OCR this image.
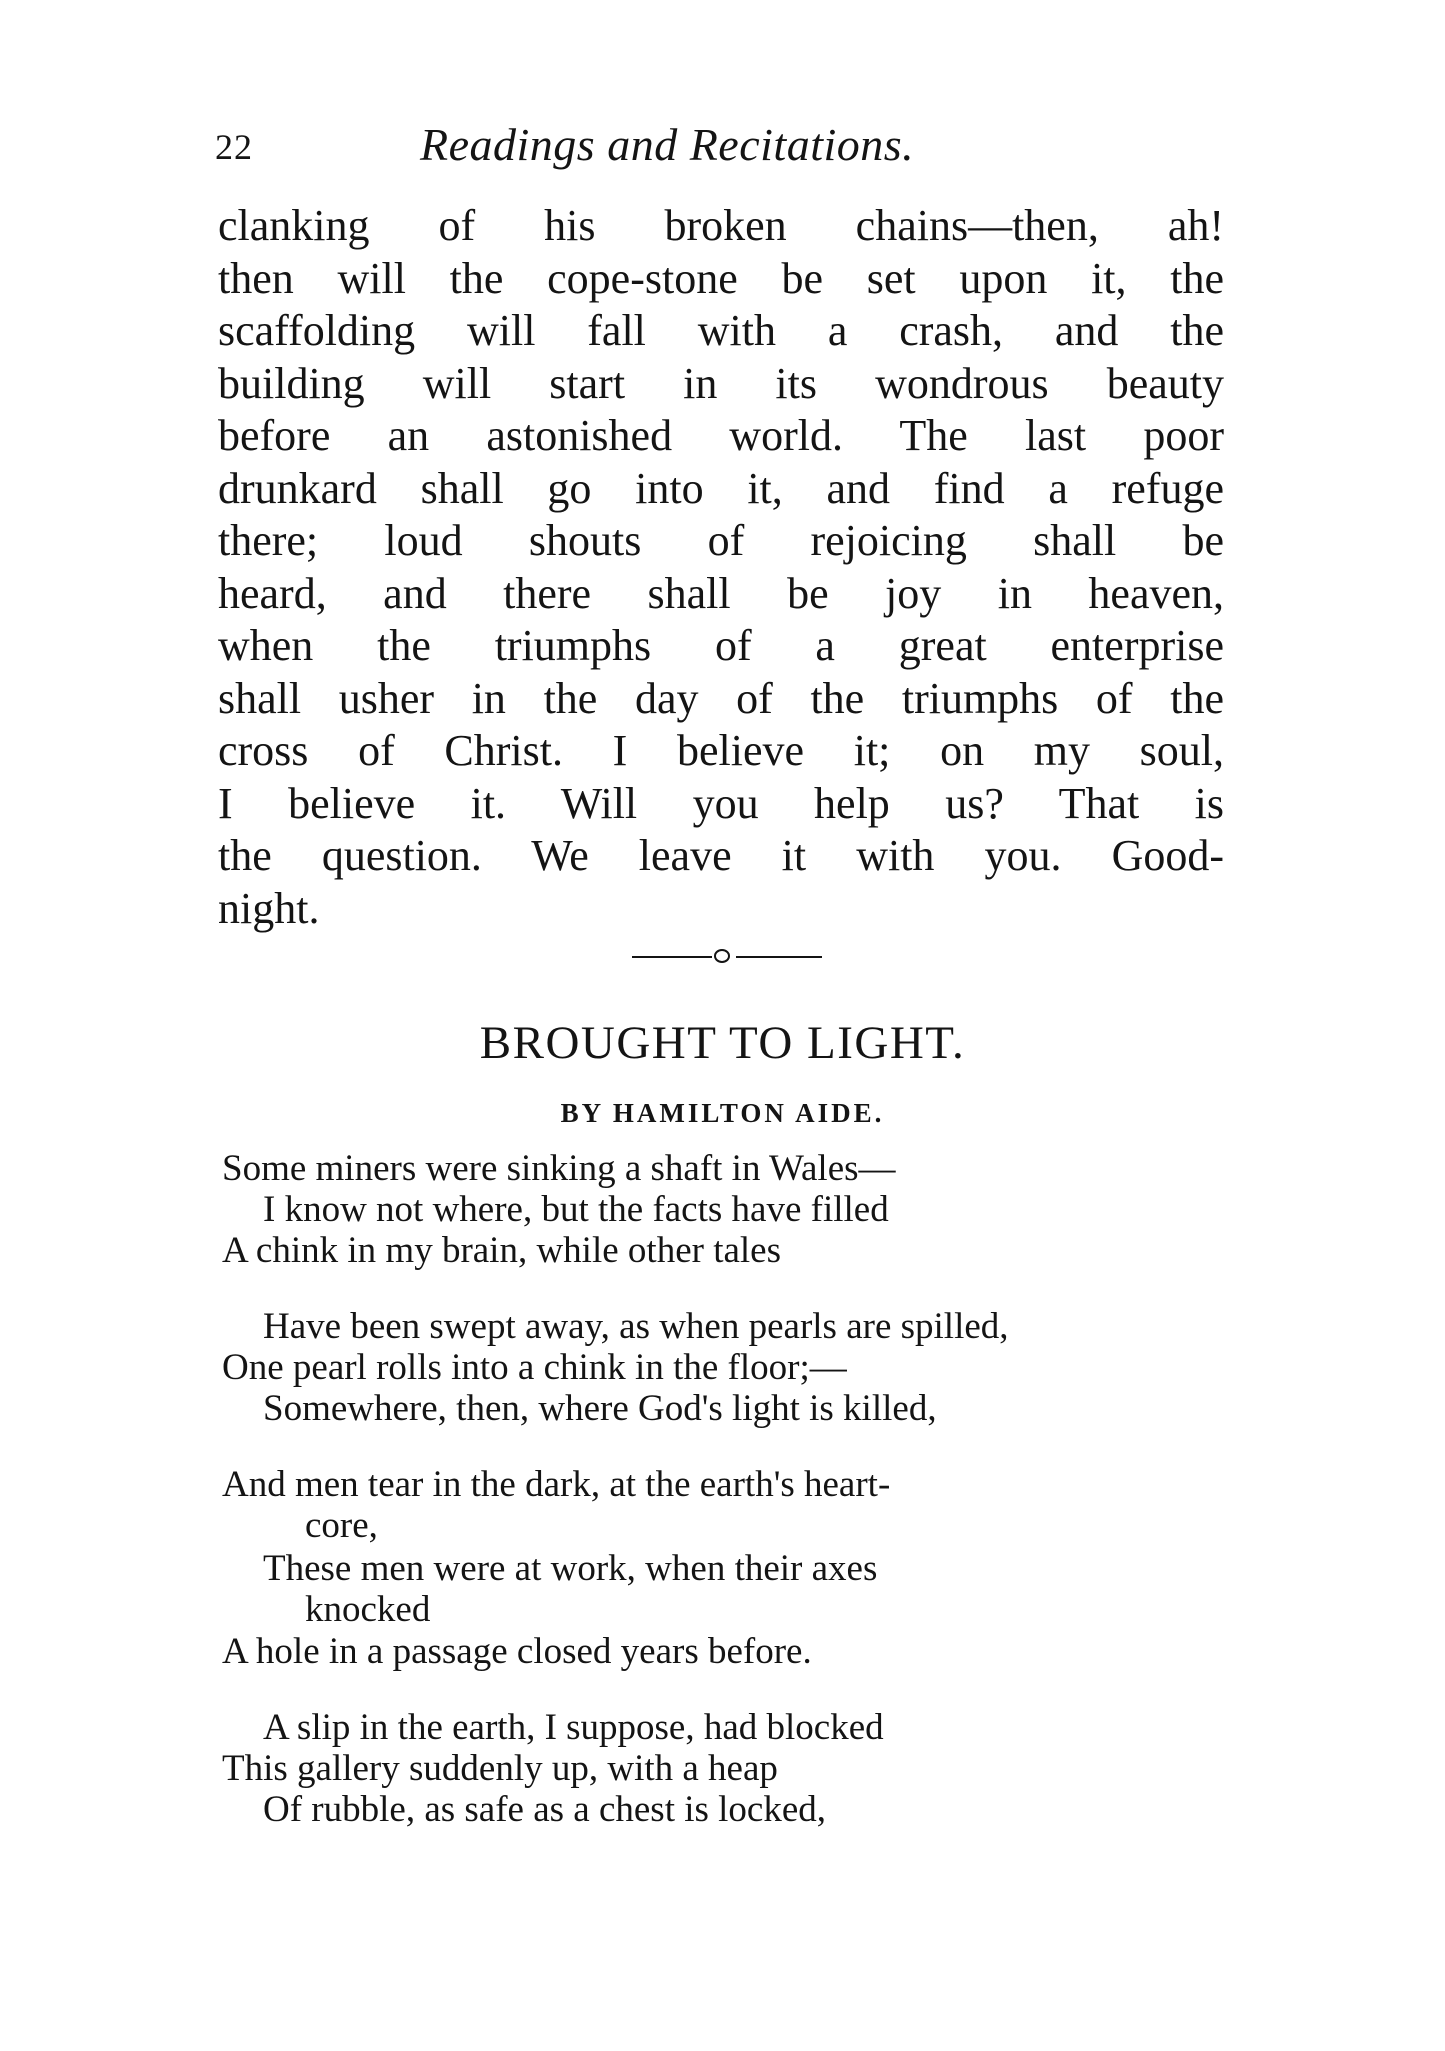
22	Readings and Recitations.
clanking of his broken chains—then, ah!
then will the cope-stone be set upon it, the
scaffolding will fall with a crash, and the
building will start in its wondrous beauty
before an astonished world. The last poor
drunkard shall go into it, and find a refuge
there; loud shouts of rejoicing shall be
heard, and there shall be joy in heaven,
when the triumphs of a great enterprise
shall usher in the day of the triumphs of the
cross of Christ. I believe it; on my soul,
I believe it. Will you help us? That is
the question. We leave it with you. Good-
night.
BROUGHT TO LIGHT.
BY HAMILTON AIDE.
Some miners were sinking a shaft in Wales—
I know not where, but the facts have filled
A chink in my brain, while other tales
Have been swept away, as when pearls are spilled,
One pearl rolls into a chink in the floor;—
Somewhere, then, where God's light is killed,
And men tear in the dark, at the earth's heart-
core,
These men were at work, when their axes
knocked
A hole in a passage closed years before.
A slip in the earth, I suppose, had blocked
This gallery suddenly up, with a heap
Of rubble, as safe as a chest is locked,
